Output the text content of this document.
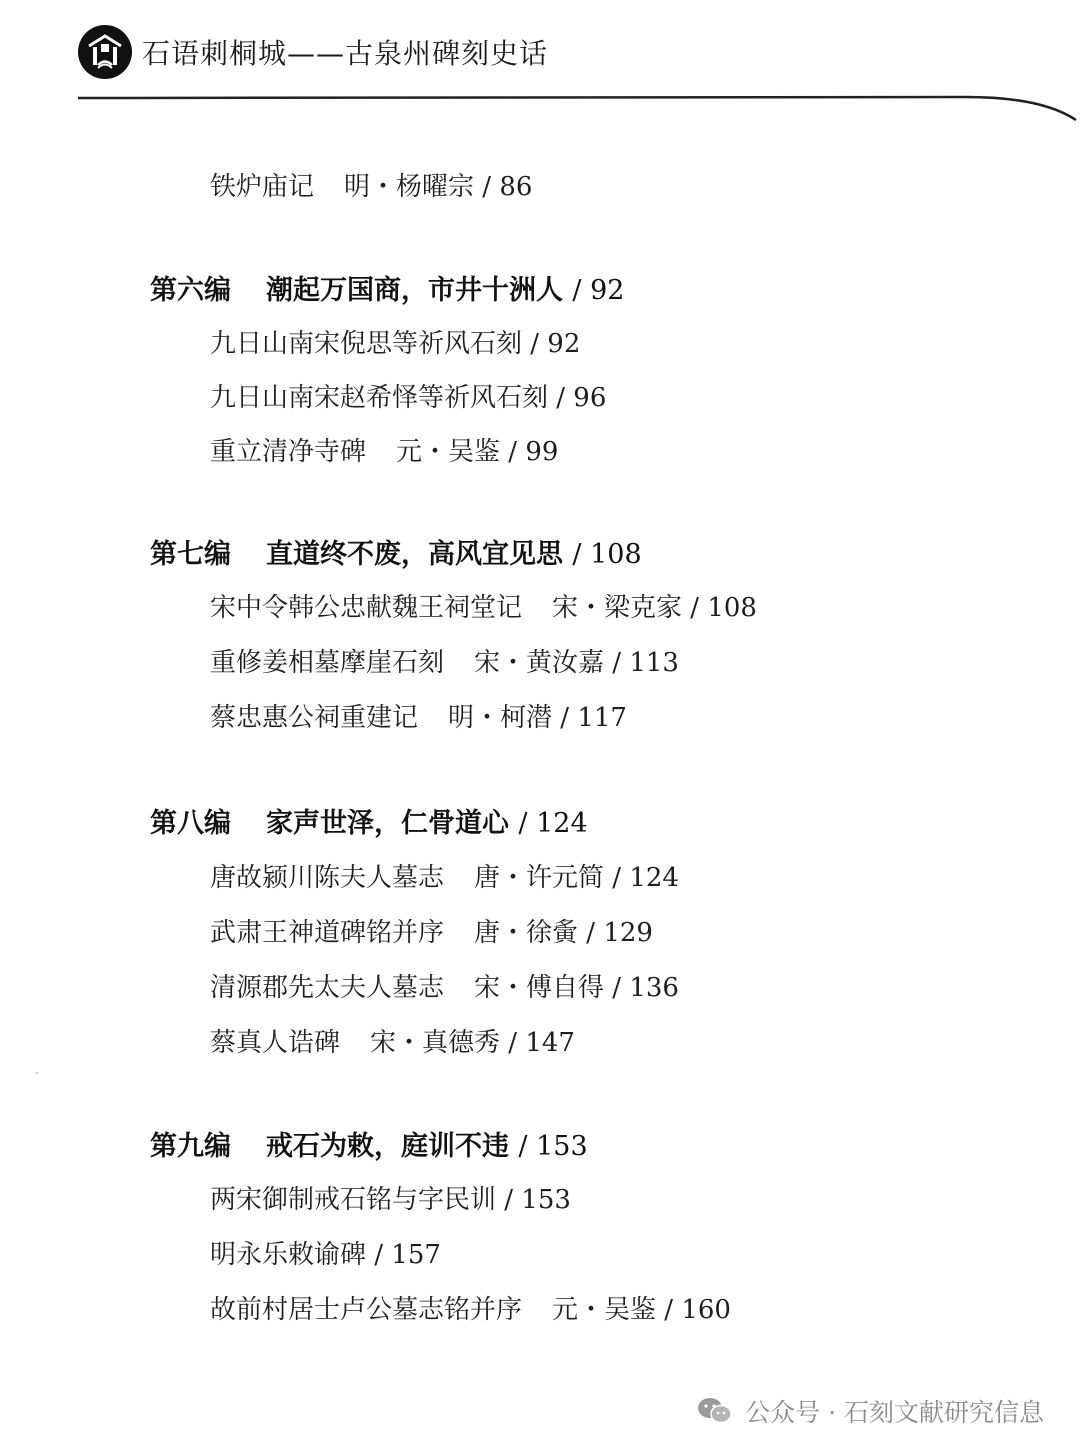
石语刺桐城——古泉州碑刻史话
铁炉庙记 明・杨曜宗 / 86
第六编 潮起万国商，市井十洲人 / 92
九日山南宋倪思等祈风石刻 / 92
九日山南宋赵希怿等祈风石刻 / 96
重立清净寺碑 元・吴鉴 / 99
第七编 直道终不废，高风宜见思 / 108
宋中令韩公忠献魏王祠堂记 宋・梁克家 / 108
重修姜相墓摩崖石刻 宋・黄汝嘉 / 113
蔡忠惠公祠重建记 明・柯潜 / 117
第八编 家声世泽，仁骨道心 / 124
唐故颍川陈夫人墓志 唐・许元简 / 124
武肃王神道碑铭并序 唐・徐夤 / 129
清源郡先太夫人墓志 宋・傅自得 / 136
蔡真人诰碑 宋・真德秀 / 147
第九编 戒石为敕，庭训不违 / 153
两宋御制戒石铭与字民训 / 153
明永乐敕谕碑 / 157
故前村居士卢公墓志铭并序 元・吴鉴 / 160
公众号 · 石刻文献研究信息
